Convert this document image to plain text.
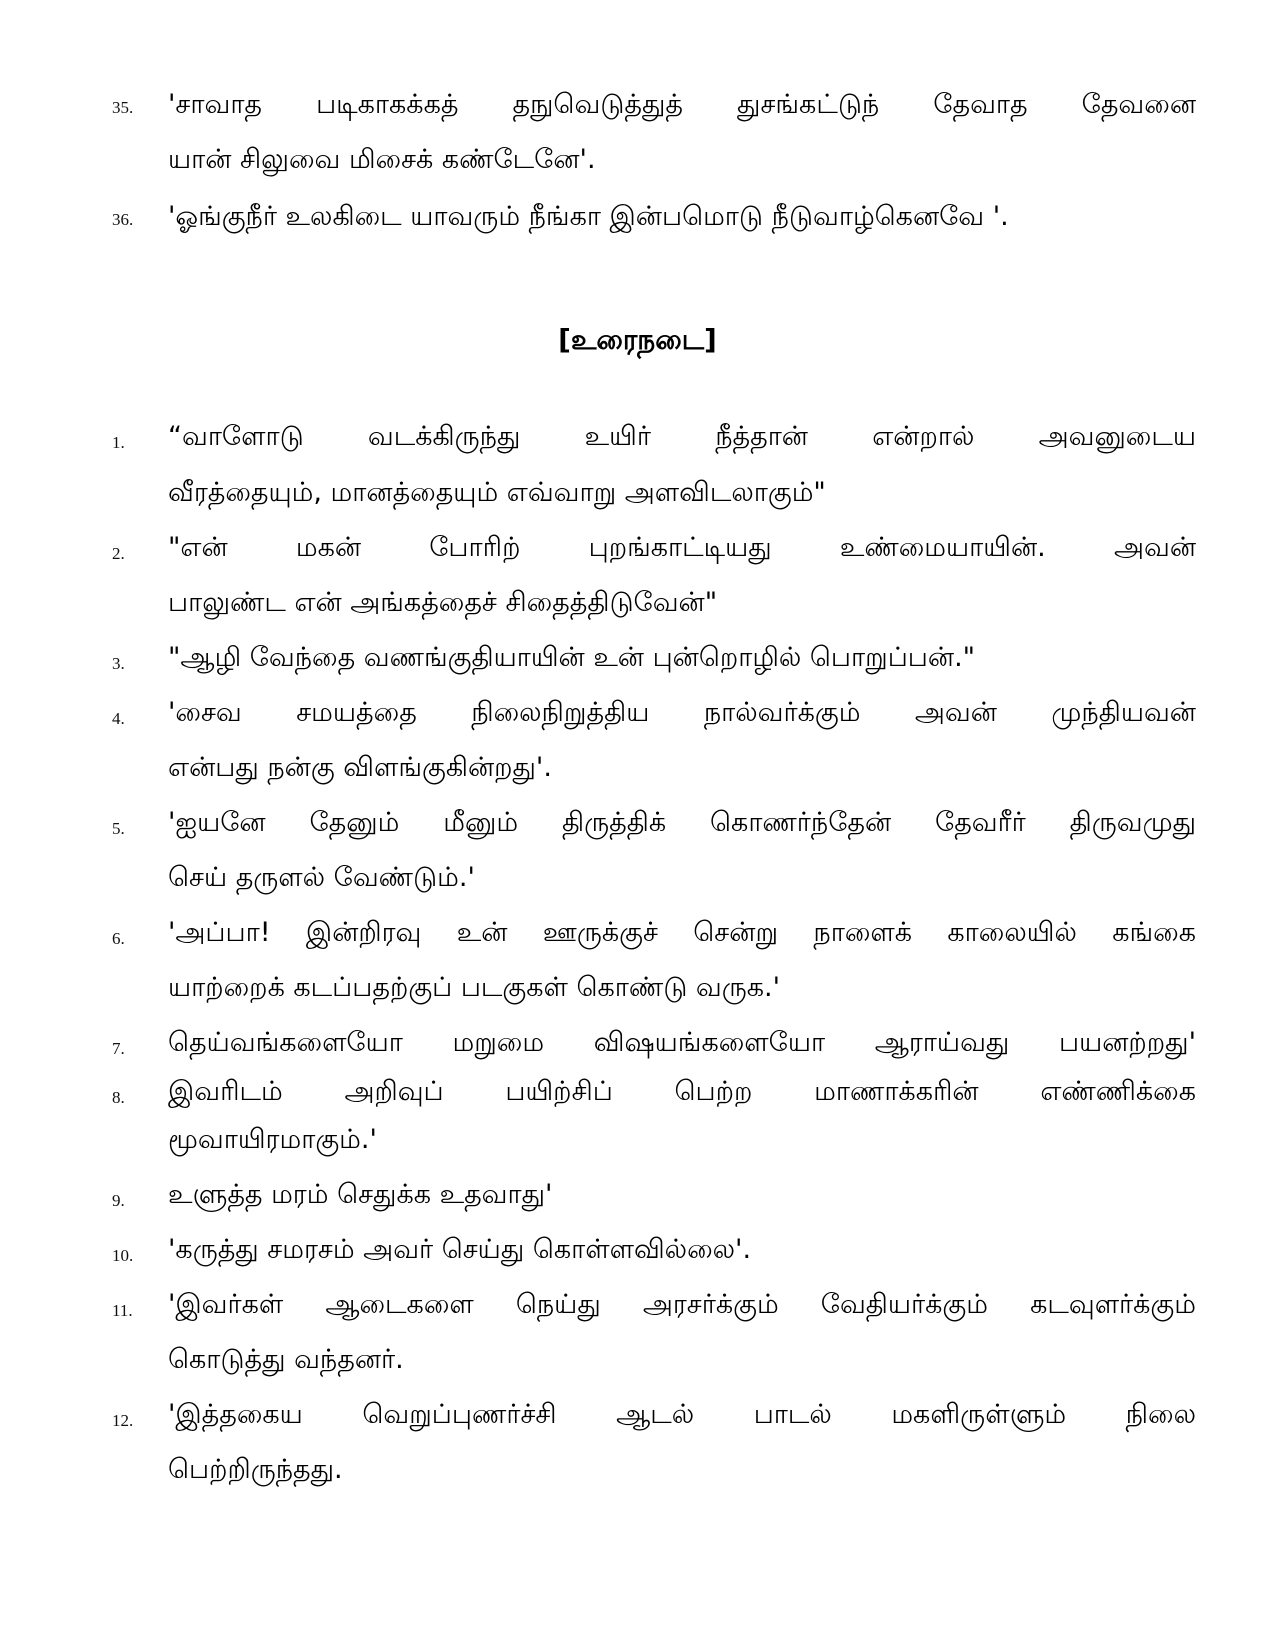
35.	'சாவாத படிகாகக்கத் தநுவெடுத்துத் துசங்கட்டுந் தேவாத தேவனை
யான் சிலுவை மிசைக் கண்டேனே'.
36.	'ஓங்குநீர் உலகிடை யாவரும் நீங்கா இன்பமொடு நீடுவாழ்கெனவே '.
[உரைநடை]
1.	“வாளோடு வடக்கிருந்து உயிர் நீத்தான் என்றால் அவனுடைய
வீரத்தையும், மானத்தையும் எவ்வாறு அளவிடலாகும்"
2.	"என் மகன் போரிற் புறங்காட்டியது உண்மையாயின். அவன்
பாலுண்ட என் அங்கத்தைச் சிதைத்திடுவேன்"
3.	"ஆழி வேந்தை வணங்குதியாயின் உன் புன்றொழில் பொறுப்பன்."
4.	'சைவ சமயத்தை நிலைநிறுத்திய நால்வர்க்கும் அவன் முந்தியவன்
என்பது நன்கு விளங்குகின்றது'.
5.	'ஐயனே தேனும் மீனும் திருத்திக் கொணர்ந்தேன் தேவரீர் திருவமுது
செய் தருளல் வேண்டும்.'
6.	'அப்பா! இன்றிரவு உன் ஊருக்குச் சென்று நாளைக் காலையில் கங்கை
யாற்றைக் கடப்பதற்குப் படகுகள் கொண்டு வருக.'
7.	தெய்வங்களையோ மறுமை விஷயங்களையோ ஆராய்வது பயனற்றது'
8.	இவரிடம் அறிவுப் பயிற்சிப் பெற்ற மாணாக்கரின் எண்ணிக்கை
மூவாயிரமாகும்.'
9.	உளுத்த மரம் செதுக்க உதவாது'
10.	'கருத்து சமரசம் அவர் செய்து கொள்ளவில்லை'.
11.	'இவர்கள் ஆடைகளை நெய்து அரசர்க்கும் வேதியர்க்கும் கடவுளர்க்கும்
கொடுத்து வந்தனர்.
12.	'இத்தகைய வெறுப்புணர்ச்சி ஆடல் பாடல் மகளிருள்ளும் நிலை
பெற்றிருந்தது.
